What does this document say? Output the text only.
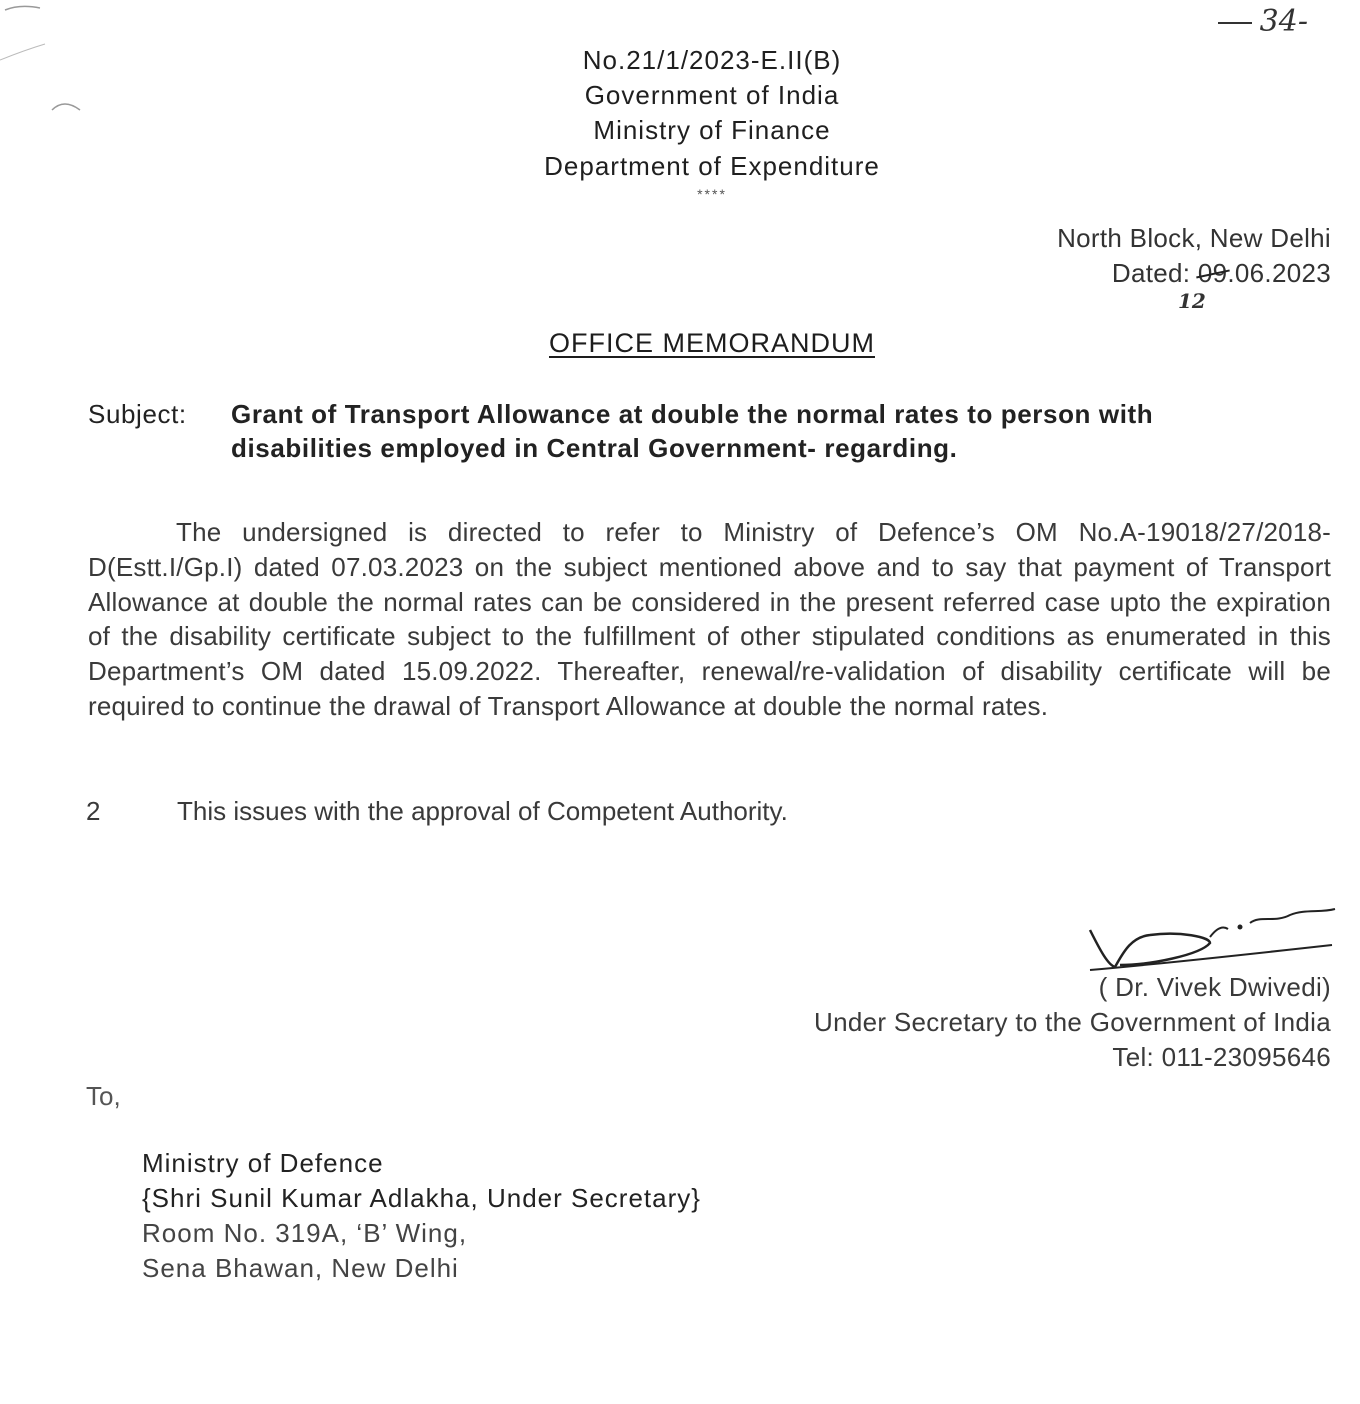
34-
No.21/1/2023-E.II(B)
Government of India
Ministry of Finance
Department of Expenditure
****
North Block, New Delhi
Dated: 09.06.2023
12
OFFICE MEMORANDUM
Subject: Grant of Transport Allowance at double the normal rates to person with
disabilities employed in Central Government- regarding.
The undersigned is directed to refer to Ministry of Defence’s OM No.A-19018/27/2018-D(Estt.I/Gp.I) dated 07.03.2023 on the subject mentioned above and to say that payment of Transport Allowance at double the normal rates can be considered in the present referred case upto the expiration of the disability certificate subject to the fulfillment of other stipulated conditions as enumerated in this Department’s OM dated 15.09.2022. Thereafter, renewal/re-validation of disability certificate will be required to continue the drawal of Transport Allowance at double the normal rates.
2	This issues with the approval of Competent Authority.
( Dr. Vivek Dwivedi)
Under Secretary to the Government of India
Tel: 011-23095646
To,
Ministry of Defence
{Shri Sunil Kumar Adlakha, Under Secretary}
Room No. 319A, ‘B’ Wing,
Sena Bhawan, New Delhi
